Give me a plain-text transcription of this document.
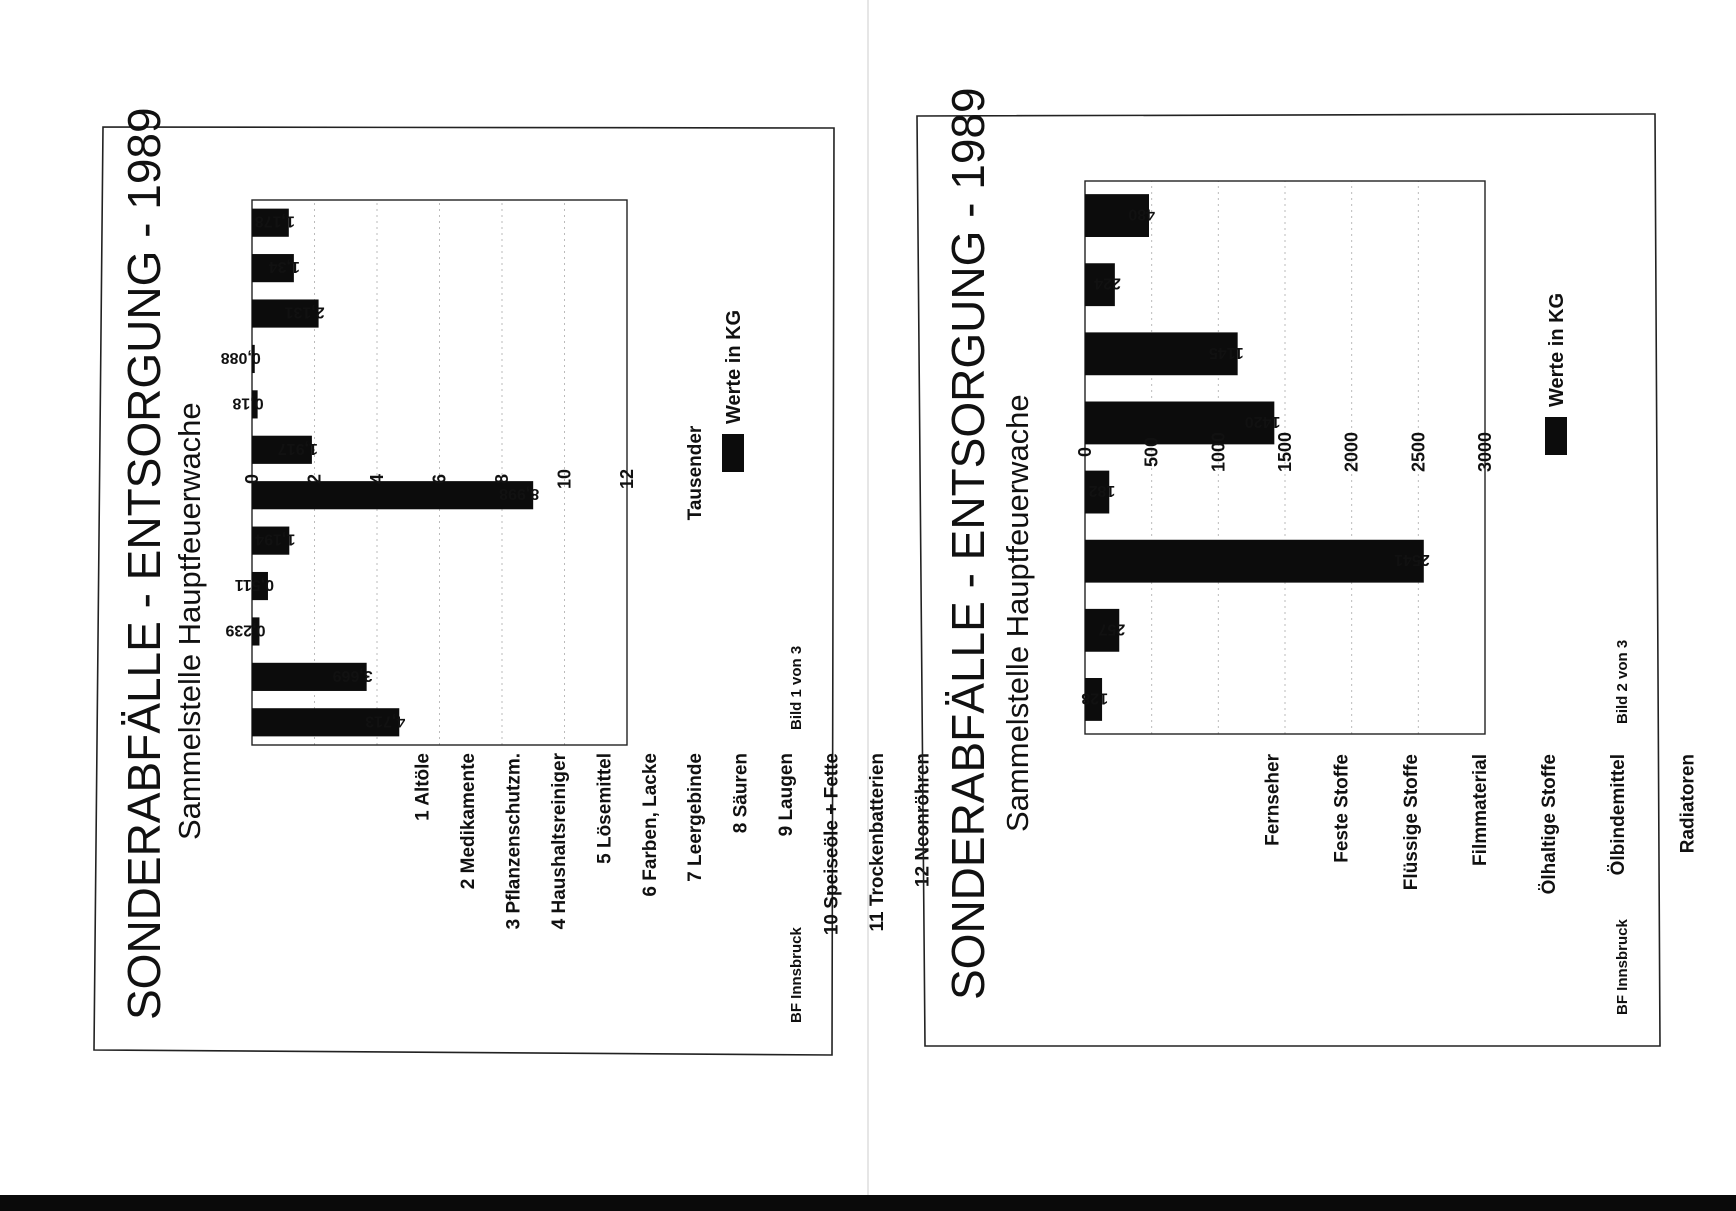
SONDERABFÄLLE - ENTSORGUNG - 1989 Sammelstelle Hauptfeuerwache	1 Altöle 2 Medikamente 3 Pflanzenschutzm. 4 Haushaltsreiniger 5 Lösemittel 6 Farben, Lacke 7 Leergebinde 8 Säuren 9 Laugen 10 Speiseöle + Fette 11 Trockenbatterien 12 Neonröhren
4,713
3,669
0,239
0,511
1,194
8,998
1,917
0,18
0,088
2,131
1,34
1,178
0 2 4 6 8 10 12	Tausender
Werte in KG
BF Innsbruck
Bild 1 von 3	SONDERABFÄLLE - ENTSORGUNG - 1989 Sammelstelle Hauptfeuerwache	Fernseher	Feste Stoffe	Flüssige Stoffe	Filmmaterial	Ölhaltige Stoffe	Ölbindemittel	Radiatoren
128
257
2541
182
1420
1145
224
480
0	500	1000	1500	2000	2500	3000
Werte in KG
BF Innsbruck
Bild 2 von 3
